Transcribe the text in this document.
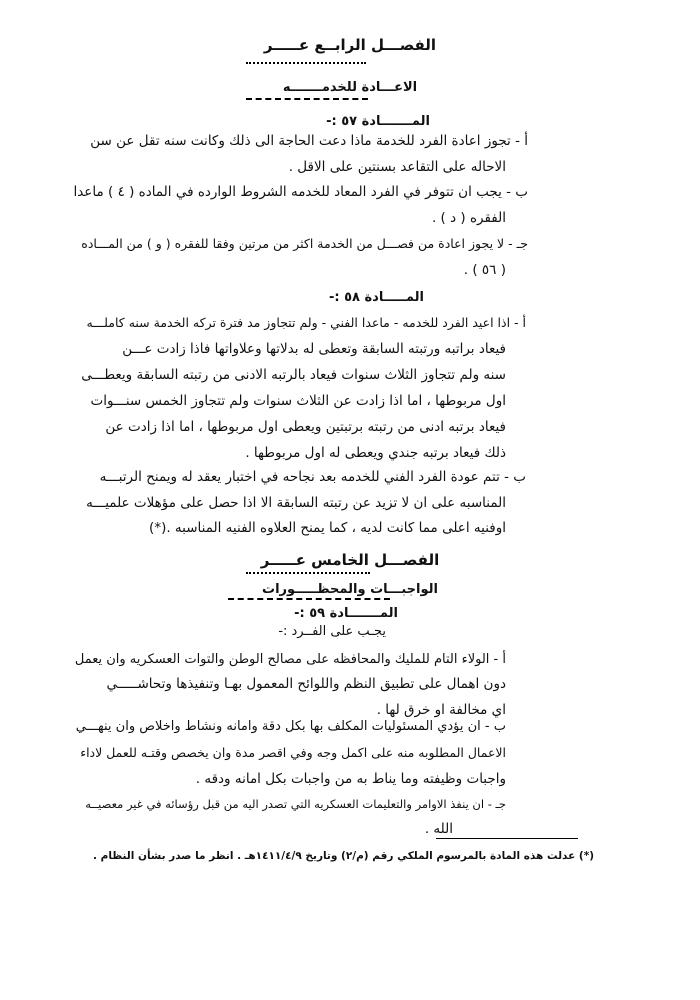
الفصـــل الرابــع عـــــر
الاعـــادة للخدمـــــــه
المـــــــادة ٥٧ :-
أ - تجوز اعادة الفرد للخدمة ماذا دعت الحاجة الى ذلك وكانت سنه تقل عن سن
الاحاله على التقاعد بسنتين على الاقل .
ب - يجب ان تتوفر في الفرد المعاد للخدمه الشروط الوارده في الماده ( ٤ ) ماعدا
الفقره ( د ) .
جـ - لا يجوز اعادة من فصـــل من الخدمة اكثر من مرتين وفقا للفقره ( و ) من المـــاده
( ٥٦ ) .
المـــــادة ٥٨ :-
أ - اذا اعيد الفرد للخدمه - ماعدا الفني - ولم تتجاوز مد فترة تركه الخدمة سنه كاملـــه
فيعاد براتبه ورتبته السابقة وتعطى له بدلاتها وعلاواتها فاذا زادت عـــن
سنه ولم تتجاوز الثلاث سنوات فيعاد بالرتبه الادنى من رتبته السابقة ويعطـــى
اول مربوطها ، اما اذا زادت عن الثلاث سنوات ولم تتجاوز الخمس سنـــوات
فيعاد برتبه ادنى من رتبته برتبتين ويعطى اول مربوطها ، اما اذا زادت عن
ذلك فيعاد برتبه جندي ويعطى له اول مربوطها .
ب - تتم عودة الفرد الفني للخدمه بعد نجاحه في اختبار يعقد له ويمنح الرتبـــه
المناسبه على ان لا تزيد عن رتبته السابقة الا اذا حصل على مؤهلات علميـــه
اوفنيه اعلى مما كانت لديه ، كما يمنح العلاوه الفنيه المناسبه .(*)
الفصـــل الخامس عـــــر
الواجبـــات والمحظـــــورات
المـــــــادة ٥٩ :-
يجـب على الفــرد :-
أ - الولاء التام للمليك والمحافظه على مصالح الوطن والتوات العسكريه وان يعمل
دون اهمال على تطبيق النظم واللوائح المعمول بهـا وتنفيذها وتحاشـــــي
اي مخالفة او خرق لها .
ب - ان يؤدي المسئوليات المكلف بها بكل دقة وامانه ونشاط واخلاص وان ينهـــي
الاعمال المطلوبه منه على اكمل وجه وفي اقصر مدة وان يخصص وقتـه للعمل لاداء
واجبات وظيفته وما يناط به من واجبات بكل امانه ودقه .
جـ - ان ينفذ الاوامر والتعليمات العسكريه التي تصدر اليه من قبل رؤسائه في غير معصيــه
الله .
(*) عدلت هذه المادة بالمرسوم الملكي رقم (م/٢) وتاريخ ١٤١١/٤/٩هـ . انظر ما صدر بشأن النظام .
